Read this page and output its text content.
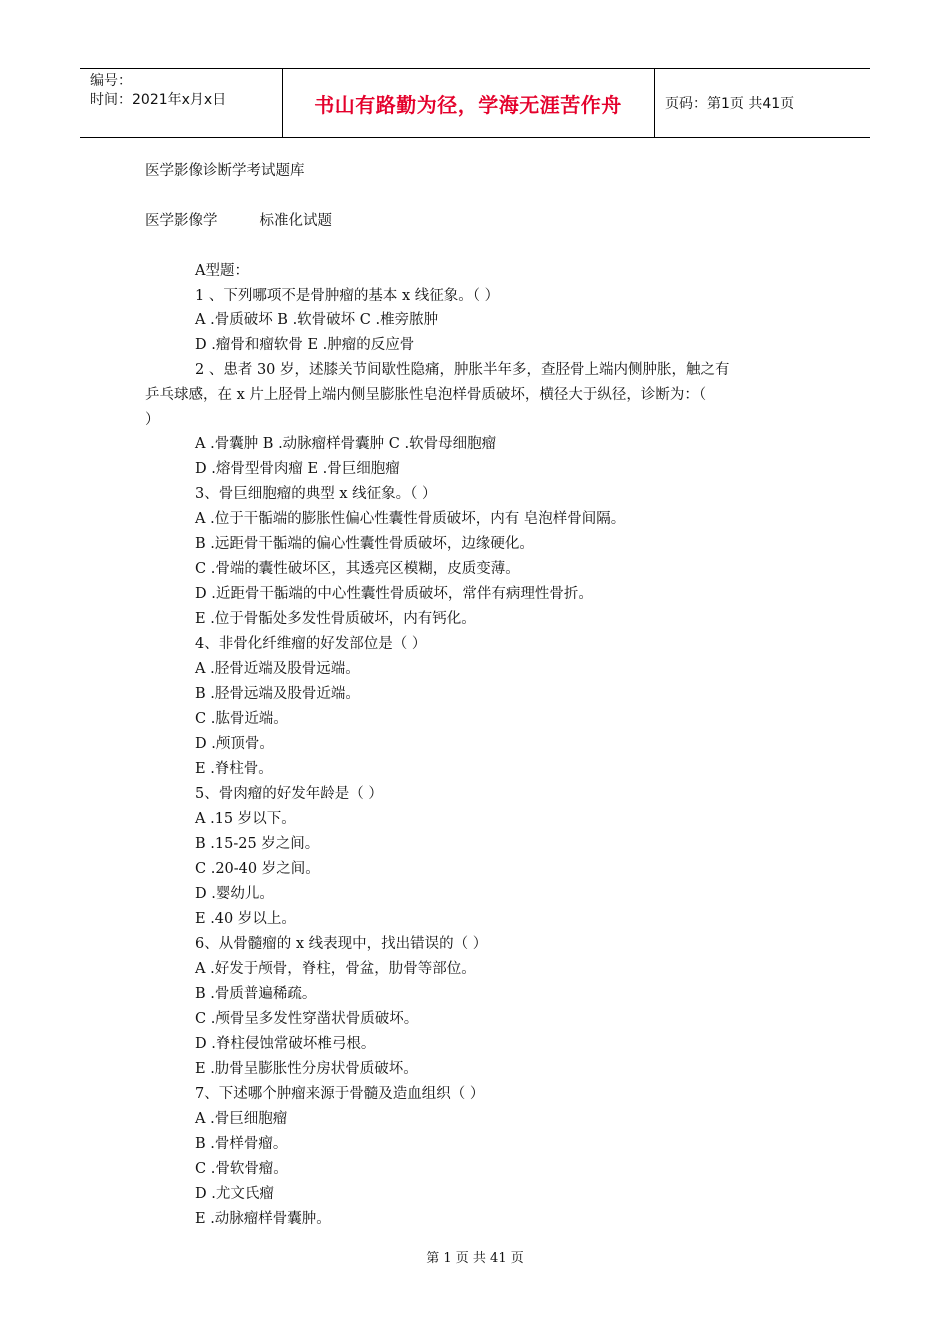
编号：
时间：2021年x月x日	书山有路勤为径，学海无涯苦作舟	页码：第1页 共41页
医学影像诊断学考试题库
医学影像学	标准化试题
A型题：
1 、下列哪项不是骨肿瘤的基本 x 线征象。（ ）
A .骨质破坏 B .软骨破坏 C .椎旁脓肿
D .瘤骨和瘤软骨 E .肿瘤的反应骨
2 、患者 30 岁，述膝关节间歇性隐痛，肿胀半年多，查胫骨上端内侧肿胀，触之有
乒乓球感，在 x 片上胫骨上端内侧呈膨胀性皂泡样骨质破坏，横径大于纵径，诊断为：（
）
A .骨囊肿 B .动脉瘤样骨囊肿 C .软骨母细胞瘤
D .熔骨型骨肉瘤 E .骨巨细胞瘤
3、骨巨细胞瘤的典型 x 线征象。（ ）
A .位于干骺端的膨胀性偏心性囊性骨质破坏，内有 皂泡样骨间隔。
B .远距骨干骺端的偏心性囊性骨质破坏，边缘硬化。
C .骨端的囊性破坏区，其透亮区模糊，皮质变薄。
D .近距骨干骺端的中心性囊性骨质破坏，常伴有病理性骨折。
E .位于骨骺处多发性骨质破坏，内有钙化。
4、非骨化纤维瘤的好发部位是（ ）
A .胫骨近端及股骨远端。
B .胫骨远端及股骨近端。
C .肱骨近端。
D .颅顶骨。
E .脊柱骨。
5、骨肉瘤的好发年龄是（ ）
A .15 岁以下。
B .15-25 岁之间。
C .20-40 岁之间。
D .婴幼儿。
E .40 岁以上。
6、从骨髓瘤的 x 线表现中，找出错误的（ ）
A .好发于颅骨，脊柱，骨盆，肋骨等部位。
B .骨质普遍稀疏。
C .颅骨呈多发性穿凿状骨质破坏。
D .脊柱侵蚀常破坏椎弓根。
E .肋骨呈膨胀性分房状骨质破坏。
7、下述哪个肿瘤来源于骨髓及造血组织（ ）
A .骨巨细胞瘤
B .骨样骨瘤。
C .骨软骨瘤。
D .尤文氏瘤
E .动脉瘤样骨囊肿。
第 1 页 共 41 页
